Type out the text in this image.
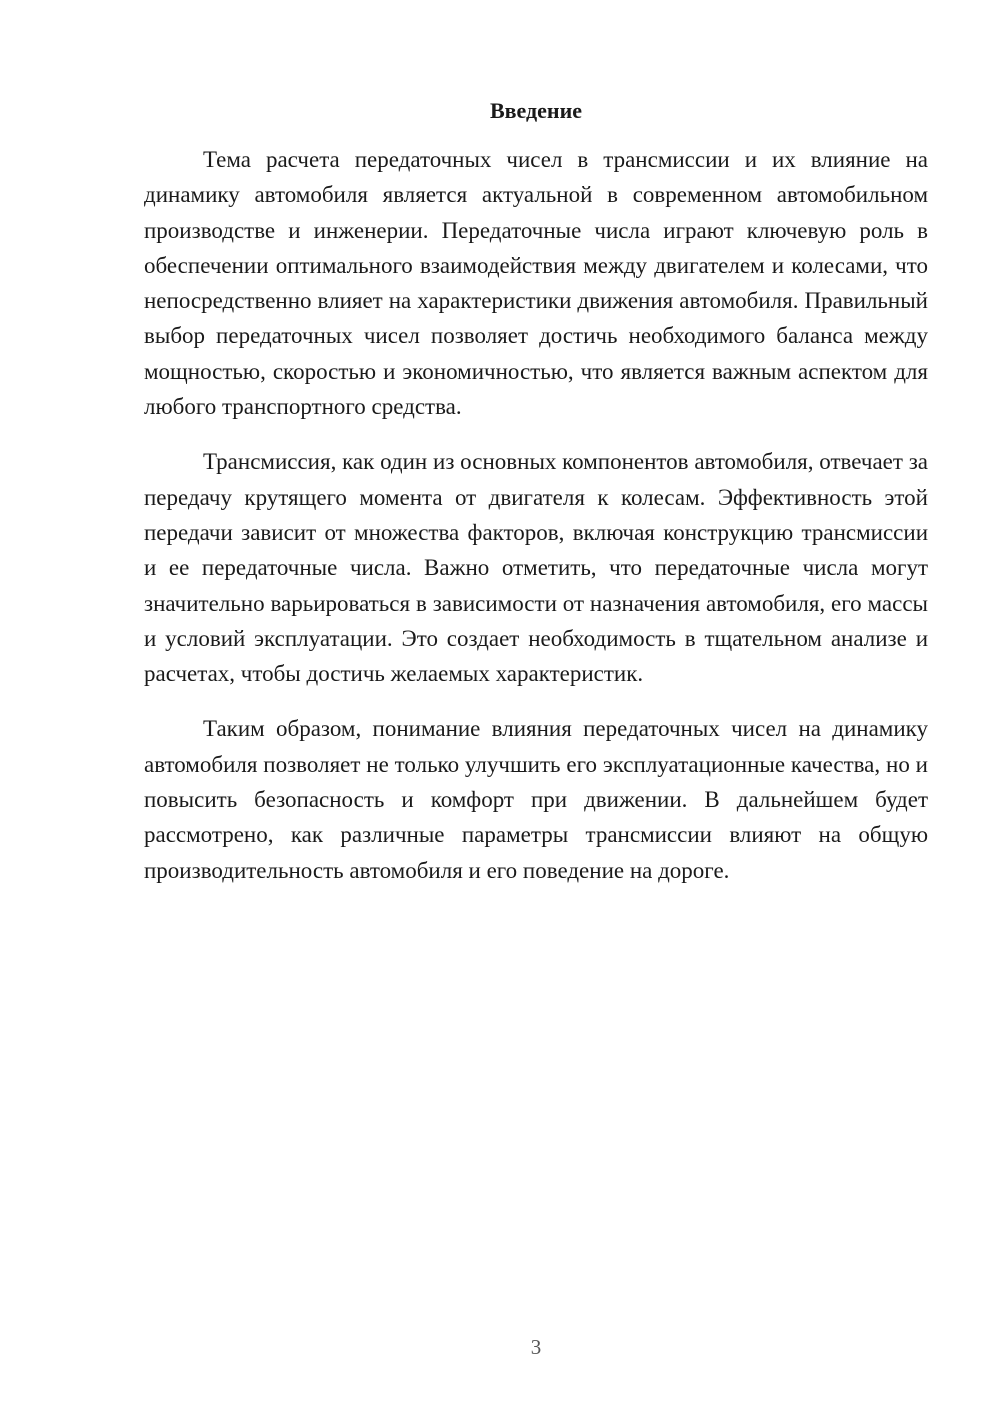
Введение

Тема расчета передаточных чисел в трансмиссии и их влияние на динамику автомобиля является актуальной в современном автомобильном производстве и инженерии. Передаточные числа играют ключевую роль в обеспечении оптимального взаимодействия между двигателем и колесами, что непосредственно влияет на характеристики движения автомобиля. Правильный выбор передаточных чисел позволяет достичь необходимого баланса между мощностью, скоростью и экономичностью, что является важным аспектом для любого транспортного средства.

Трансмиссия, как один из основных компонентов автомобиля, отвечает за передачу крутящего момента от двигателя к колесам. Эффективность этой передачи зависит от множества факторов, включая конструкцию трансмиссии и ее передаточные числа. Важно отметить, что передаточные числа могут значительно варьироваться в зависимости от назначения автомобиля, его массы и условий эксплуатации. Это создает необходимость в тщательном анализе и расчетах, чтобы достичь желаемых характеристик.

Таким образом, понимание влияния передаточных чисел на динамику автомобиля позволяет не только улучшить его эксплуатационные качества, но и повысить безопасность и комфорт при движении. В дальнейшем будет рассмотрено, как различные параметры трансмиссии влияют на общую производительность автомобиля и его поведение на дороге.

3
